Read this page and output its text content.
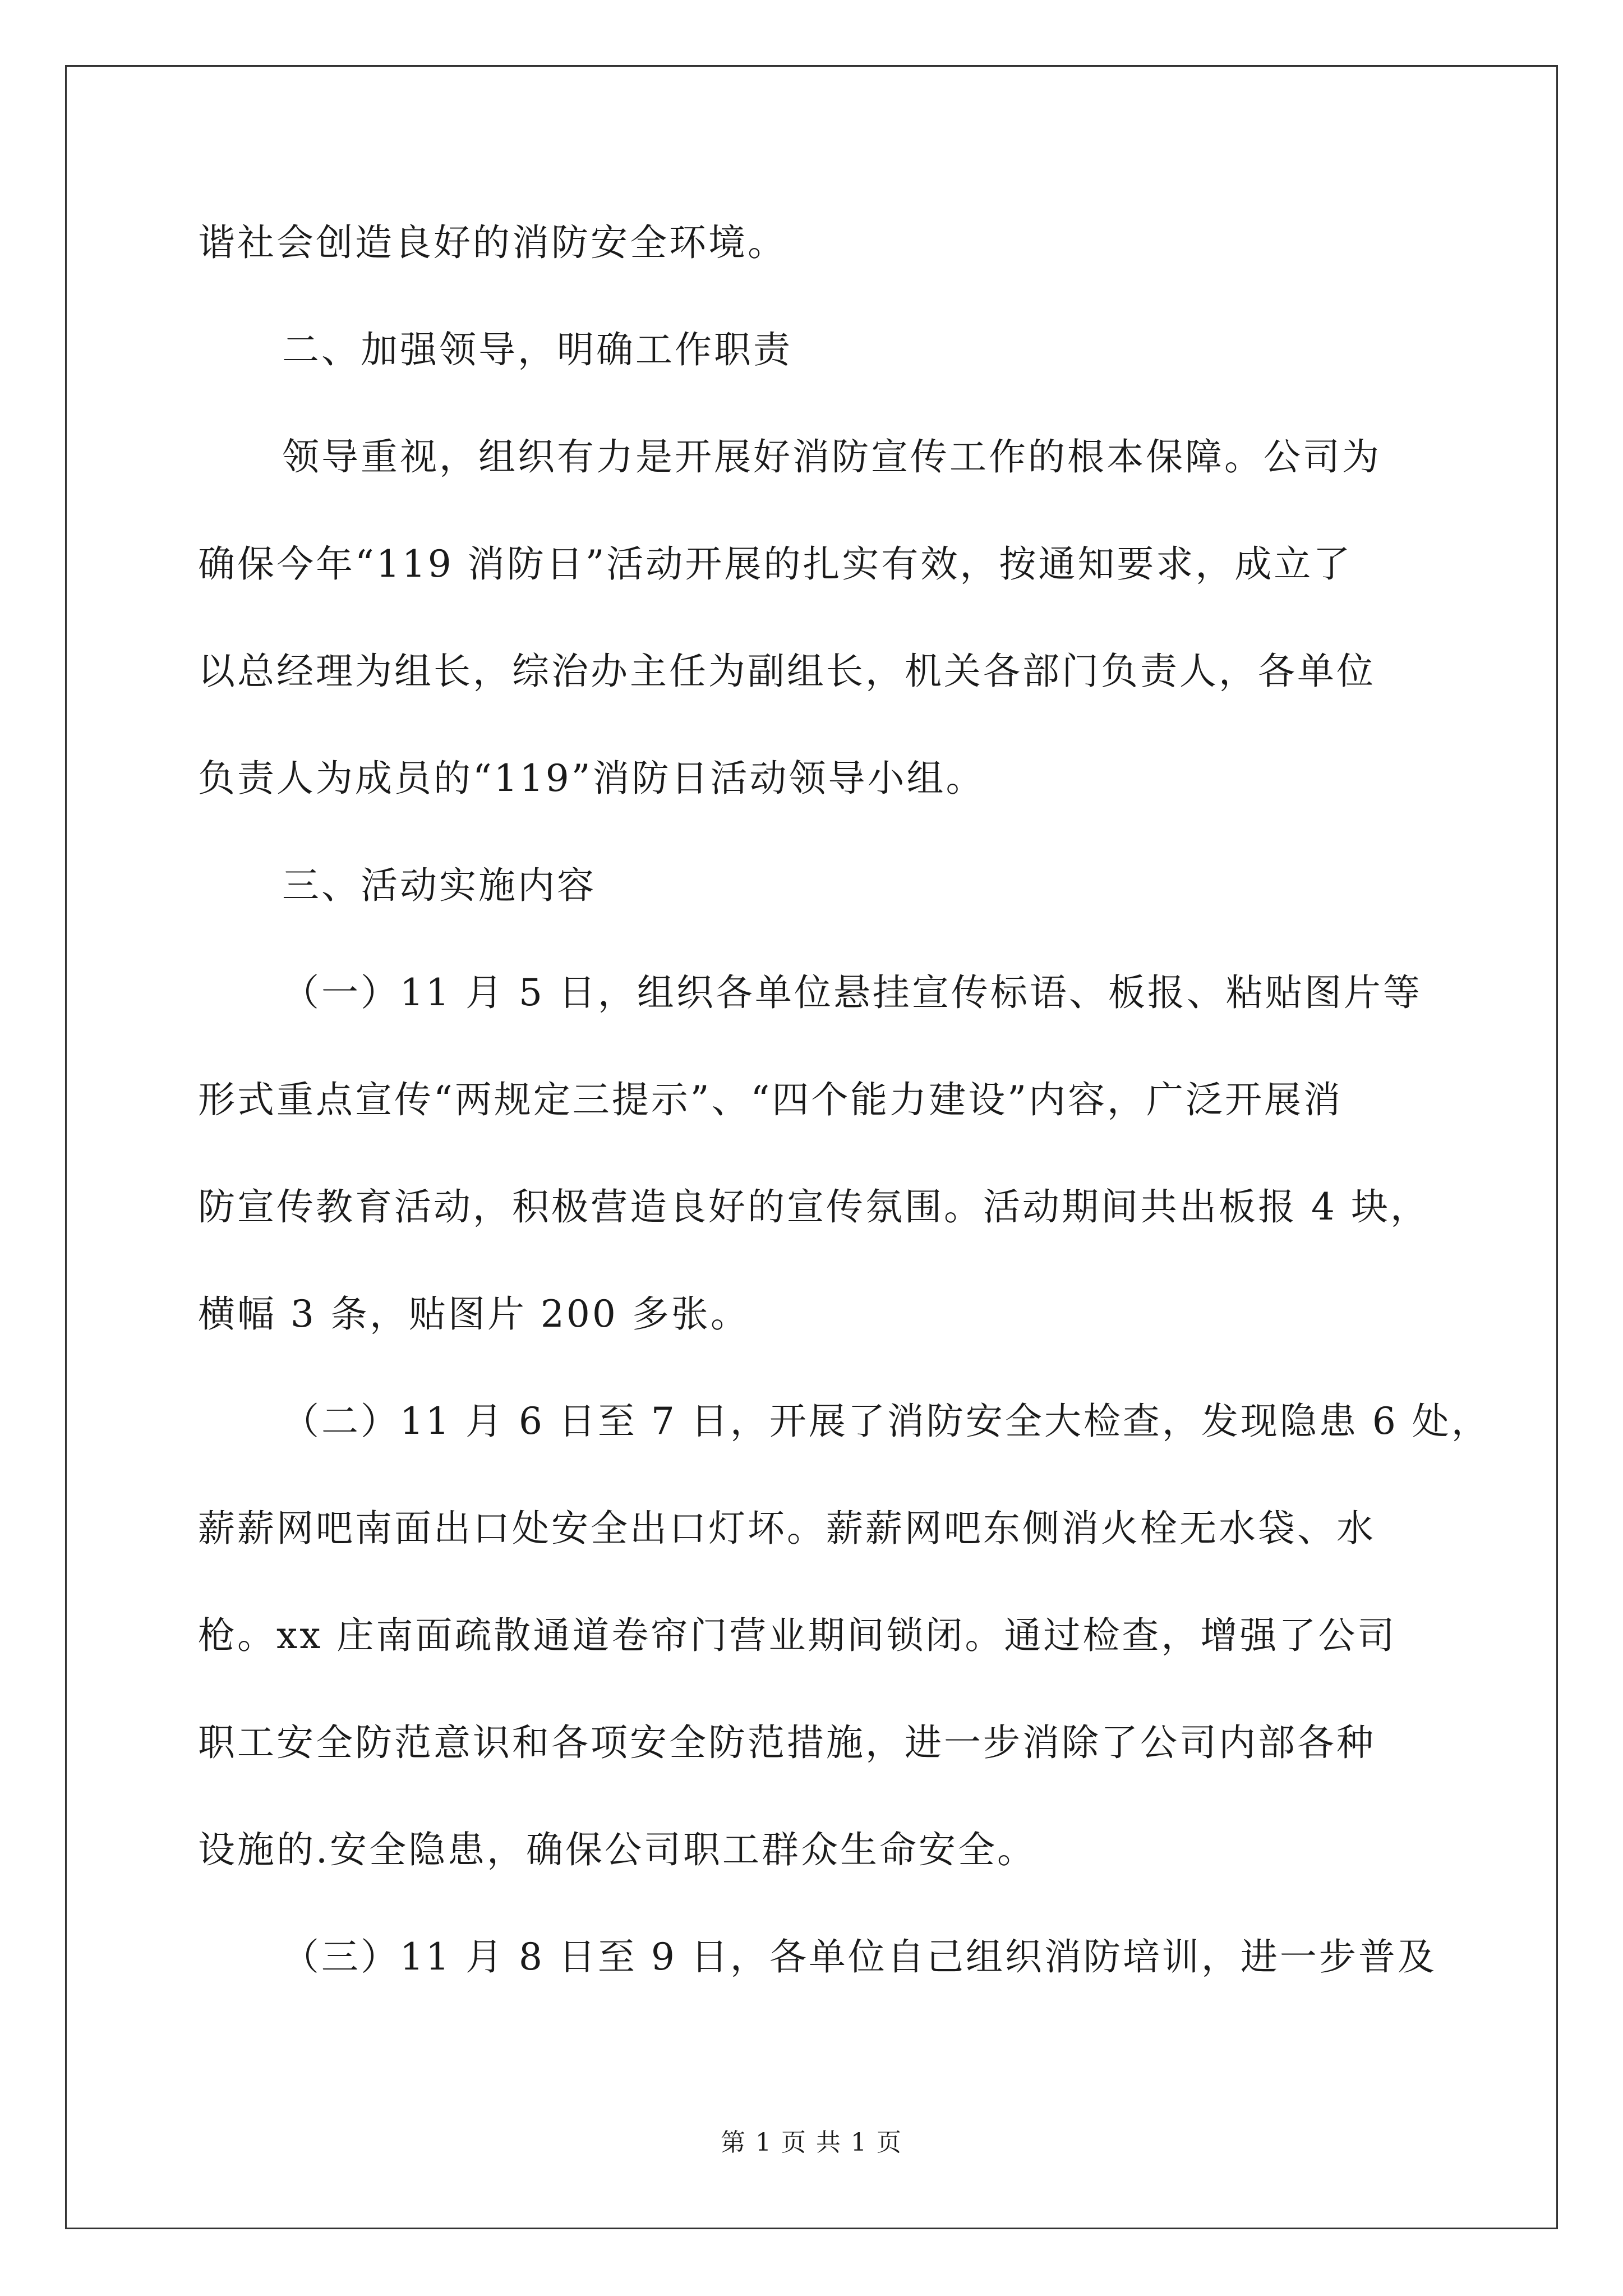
谐社会创造良好的消防安全环境。
二、加强领导，明确工作职责
领导重视，组织有力是开展好消防宣传工作的根本保障。公司为
确保今年“119 消防日”活动开展的扎实有效，按通知要求，成立了
以总经理为组长，综治办主任为副组长，机关各部门负责人，各单位
负责人为成员的“119”消防日活动领导小组。
三、活动实施内容
（一）11 月 5 日，组织各单位悬挂宣传标语、板报、粘贴图片等
形式重点宣传“两规定三提示”、“四个能力建设”内容，广泛开展消
防宣传教育活动，积极营造良好的宣传氛围。活动期间共出板报 4 块，
横幅 3 条，贴图片 200 多张。
（二）11 月 6 日至 7 日，开展了消防安全大检查，发现隐患 6 处，
薪薪网吧南面出口处安全出口灯坏。薪薪网吧东侧消火栓无水袋、水
枪。xx 庄南面疏散通道卷帘门营业期间锁闭。通过检查，增强了公司
职工安全防范意识和各项安全防范措施，进一步消除了公司内部各种
设施的.安全隐患，确保公司职工群众生命安全。
（三）11 月 8 日至 9 日，各单位自己组织消防培训，进一步普及
第 1 页 共 1 页
